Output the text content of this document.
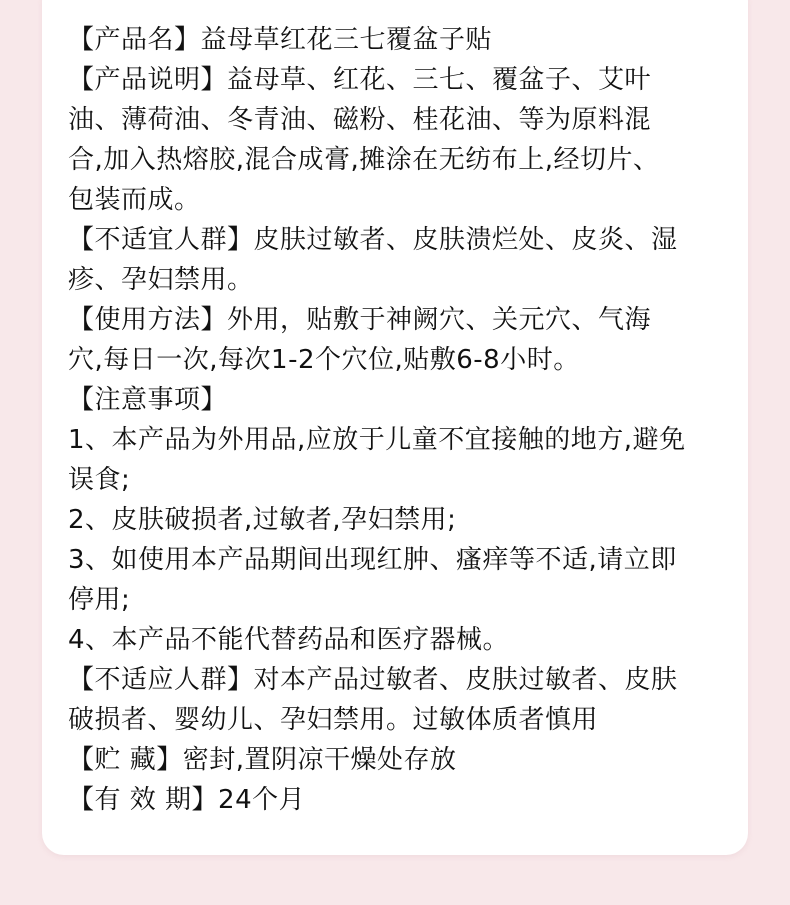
【产品名】益母草红花三七覆盆子贴
【产品说明】益母草、红花、三七、覆盆子、艾叶
油、薄荷油、冬青油、磁粉、桂花油、等为原料混
合,加入热熔胶,混合成膏,摊涂在无纺布上,经切片、
包装而成。
【不适宜人群】皮肤过敏者、皮肤溃烂处、皮炎、湿
疹、孕妇禁用。
【使用方法】外用，贴敷于神阙穴、关元穴、气海
穴,每日一次,每次1-2个穴位,贴敷6-8小时。
【注意事项】
1、本产品为外用品,应放于儿童不宜接触的地方,避免
误食;
2、皮肤破损者,过敏者,孕妇禁用;
3、如使用本产品期间出现红肿、瘙痒等不适,请立即
停用;
4、本产品不能代替药品和医疗器械。
【不适应人群】对本产品过敏者、皮肤过敏者、皮肤
破损者、婴幼儿、孕妇禁用。过敏体质者慎用
【贮 藏】密封,置阴凉干燥处存放
【有 效 期】24个月
